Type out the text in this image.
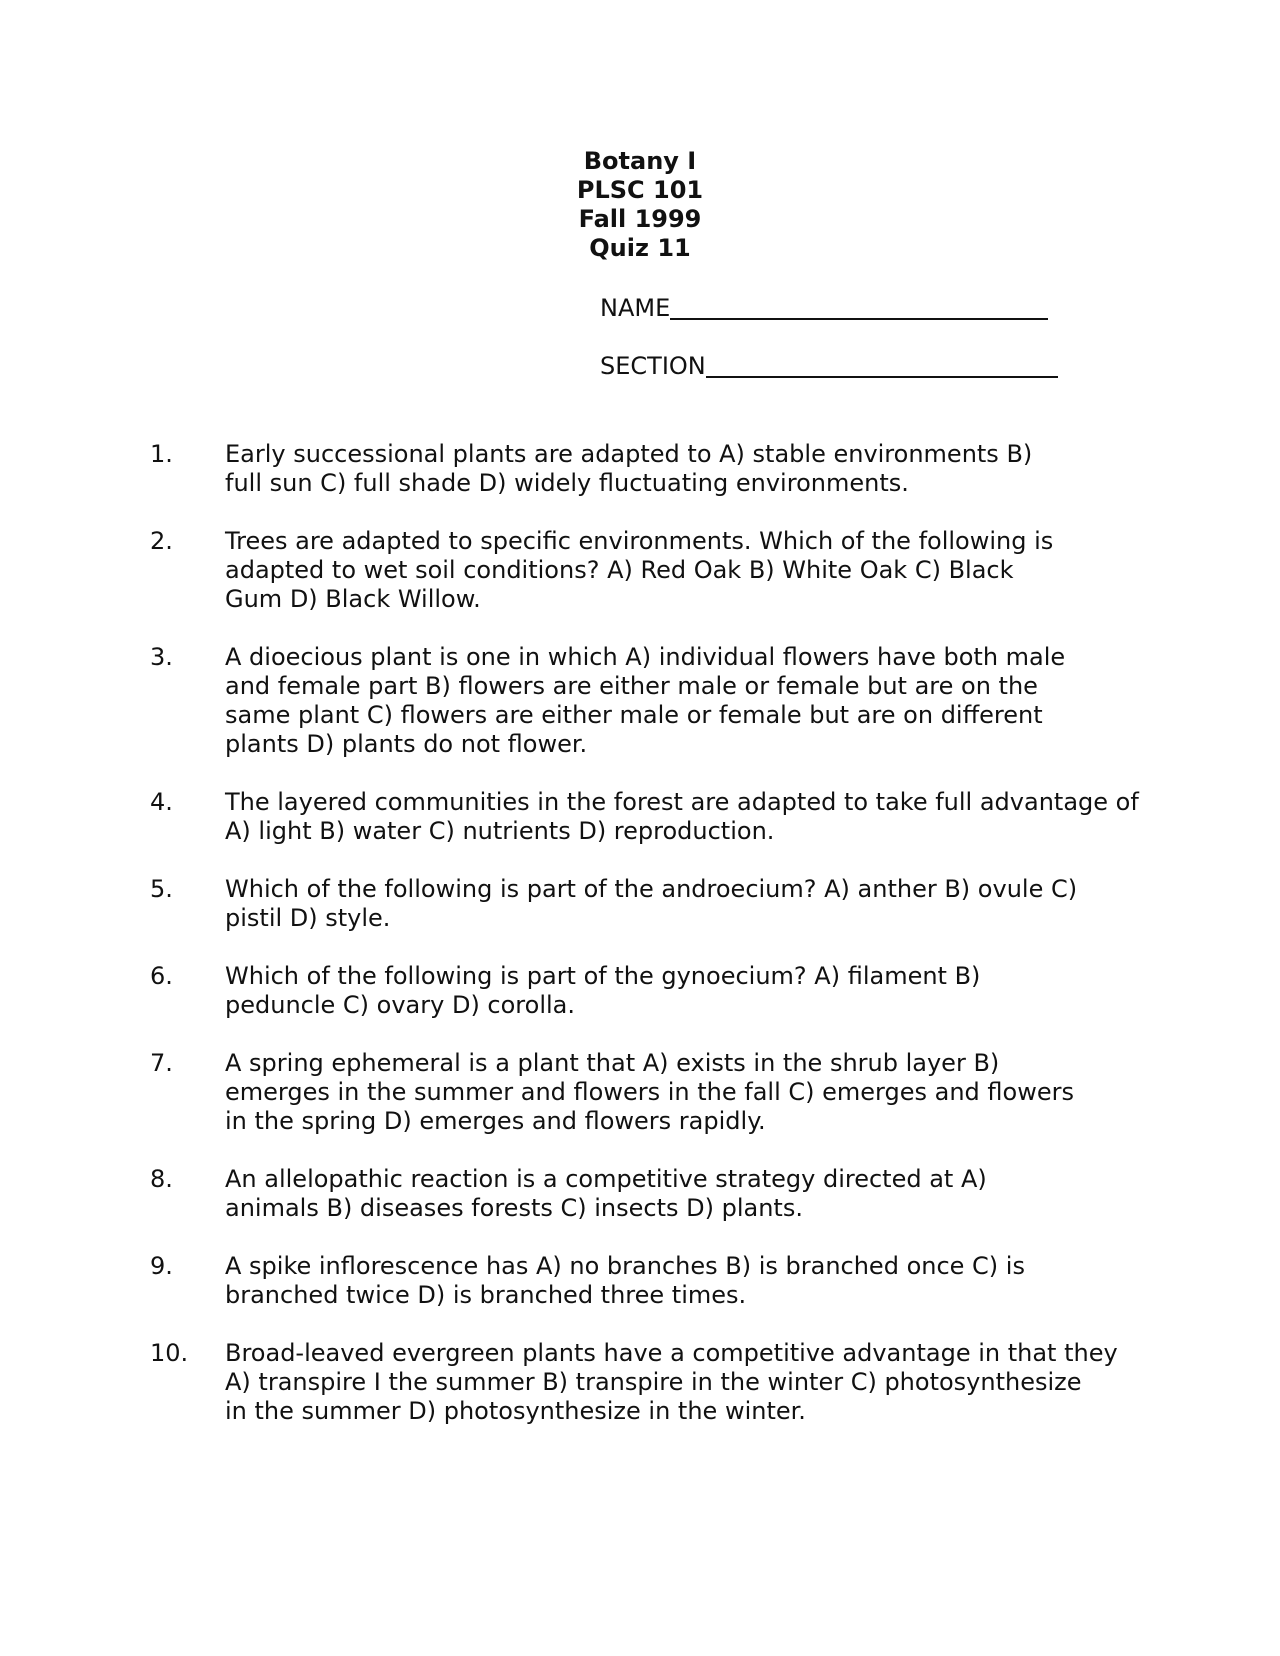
Botany I
PLSC 101
Fall 1999
Quiz 11
NAME
SECTION
1.	Early successional plants are adapted to A) stable environments B)
full sun C) full shade D) widely fluctuating environments.
2.	Trees are adapted to specific environments. Which of the following is
adapted to wet soil conditions? A) Red Oak B) White Oak C) Black
Gum D) Black Willow.
3.	A dioecious plant is one in which A) individual flowers have both male
and female part B) flowers are either male or female but are on the
same plant C) flowers are either male or female but are on different
plants D) plants do not flower.
4.	The layered communities in the forest are adapted to take full advantage of
A) light B) water C) nutrients D) reproduction.
5.	Which of the following is part of the androecium? A) anther B) ovule C)
pistil D) style.
6.	Which of the following is part of the gynoecium? A) filament B)
peduncle C) ovary D) corolla.
7.	A spring ephemeral is a plant that A) exists in the shrub layer B)
emerges in the summer and flowers in the fall C) emerges and flowers
in the spring D) emerges and flowers rapidly.
8.	An allelopathic reaction is a competitive strategy directed at A)
animals B) diseases forests C) insects D) plants.
9.	A spike inflorescence has A) no branches B) is branched once C) is
branched twice D) is branched three times.
10.	Broad-leaved evergreen plants have a competitive advantage in that they
A) transpire I the summer B) transpire in the winter C) photosynthesize
in the summer D) photosynthesize in the winter.
